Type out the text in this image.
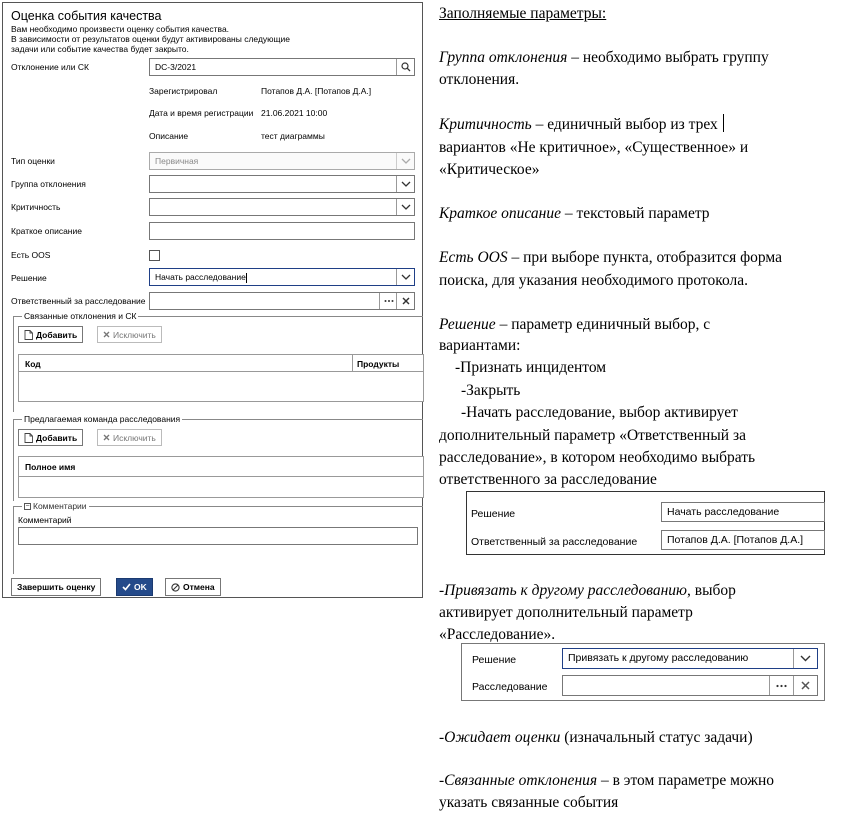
Оценка события качества
Вам необходимо произвести оценку события качества.
В зависимости от результатов оценки будут активированы следующие
задачи или событие качества будет закрыто.
Отклонение или СК	DC-3/2021
Зарегистрировал	Потапов Д.А. [Потапов Д.А.]
Дата и время регистрации 21.06.2021 10:00
Описание	тест диаграммы
Тип оценки	Первичная
Группа отклонения
Критичность
Краткое описание
Есть OOS
Решение	Начать расследование
Ответственный за расследование
Связанные отклонения и СК
Добавить	Исключить
Код	Продукты
Предлагаемая команда расследования
Добавить	Исключить
Полное имя
− Комментарии
Комментарий
Завершить оценку	OK	Отмена
Заполняемые параметры:
Группа отклонения – необходимо выбрать группу
отклонения.
Критичность – единичный выбор из трех
вариантов «Не критичное», «Существенное» и
«Критическое»
Краткое описание – текстовый параметр
Есть OOS – при выборе пункта, отобразится форма
поиска, для указания необходимого протокола.
Решение – параметр единичный выбор, с
вариантами:
-Признать инцидентом
-Закрыть
-Начать расследование, выбор активирует
дополнительный параметр «Ответственный за
расследование», в котором необходимо выбрать
ответственного за расследование
Решение	Начать расследование
Ответственный за расследование	Потапов Д.А. [Потапов Д.А.]
-Привязать к другому расследованию, выбор
активирует дополнительный параметр
«Расследование».
Решение	Привязать к другому расследованию
Расследование
-Ожидает оценки (изначальный статус задачи)
-Связанные отклонения – в этом параметре можно
указать связанные события
